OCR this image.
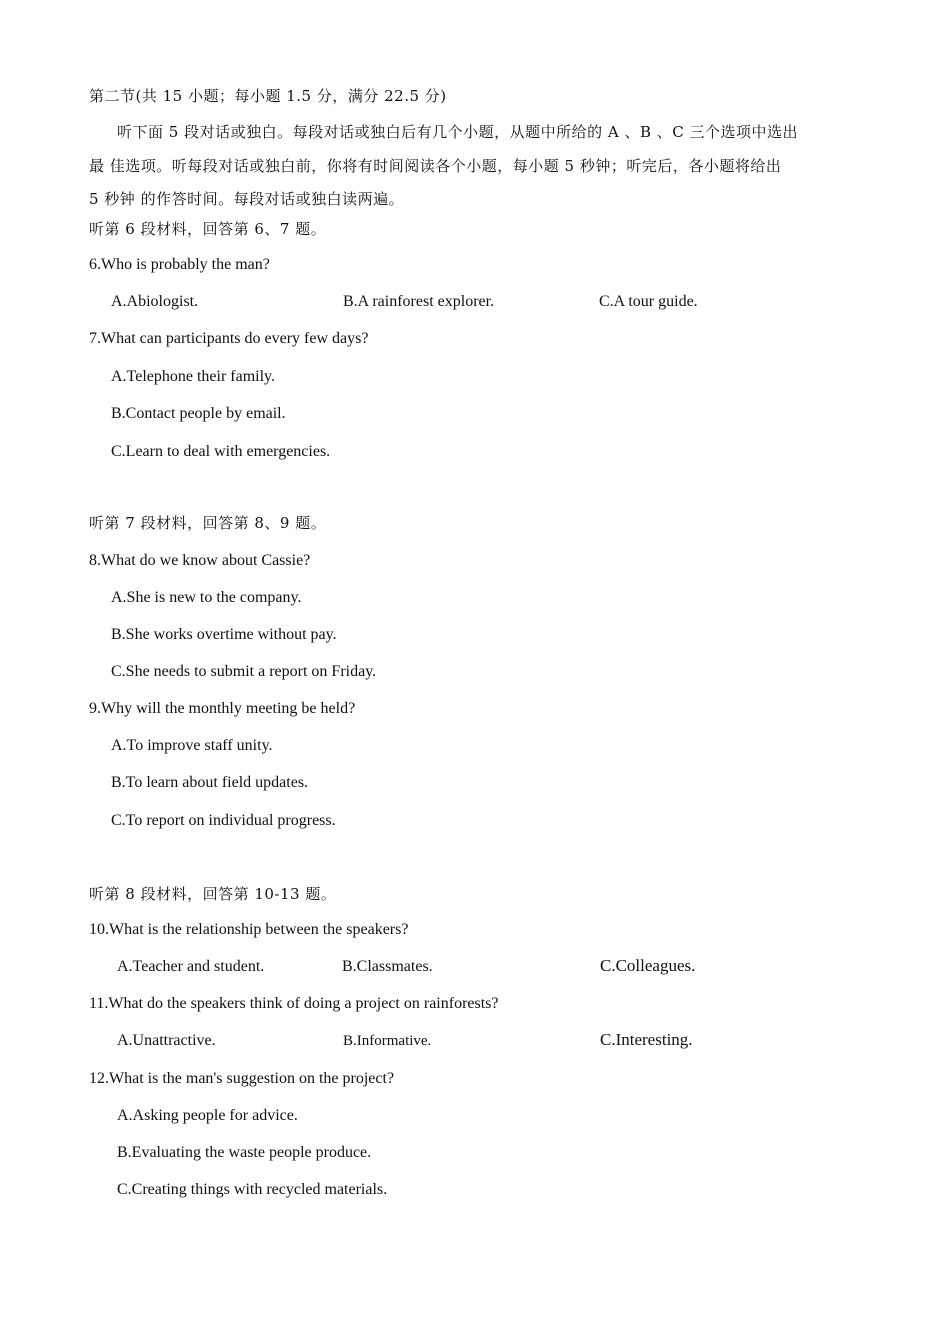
第二节(共 15 小题；每小题 1.5 分，满分 22.5 分)
听下面 5 段对话或独白。每段对话或独白后有几个小题，从题中所给的 A 、B 、C 三个选项中选出
最 佳选项。听每段对话或独白前，你将有时间阅读各个小题，每小题 5 秒钟；听完后，各小题将给出
5 秒钟 的作答时间。每段对话或独白读两遍。
听第 6 段材料，回答第 6、7 题。
6.Who is probably the man?
A.Abiologist.	B.A rainforest explorer.	C.A tour guide.
7.What can participants do every few days?
A.Telephone their family.
B.Contact people by email.
C.Learn to deal with emergencies.
听第 7 段材料，回答第 8、9 题。
8.What do we know about Cassie?
A.She is new to the company.
B.She works overtime without pay.
C.She needs to submit a report on Friday.
9.Why will the monthly meeting be held?
A.To improve staff unity.
B.To learn about field updates.
C.To report on individual progress.
听第 8 段材料，回答第 10-13 题。
10.What is the relationship between the speakers?
A.Teacher and student.	B.Classmates.	C.Colleagues.
11.What do the speakers think of doing a project on rainforests?
A.Unattractive.	B.Informative.	C.Interesting.
12.What is the man's suggestion on the project?
A.Asking people for advice.
B.Evaluating the waste people produce.
C.Creating things with recycled materials.
